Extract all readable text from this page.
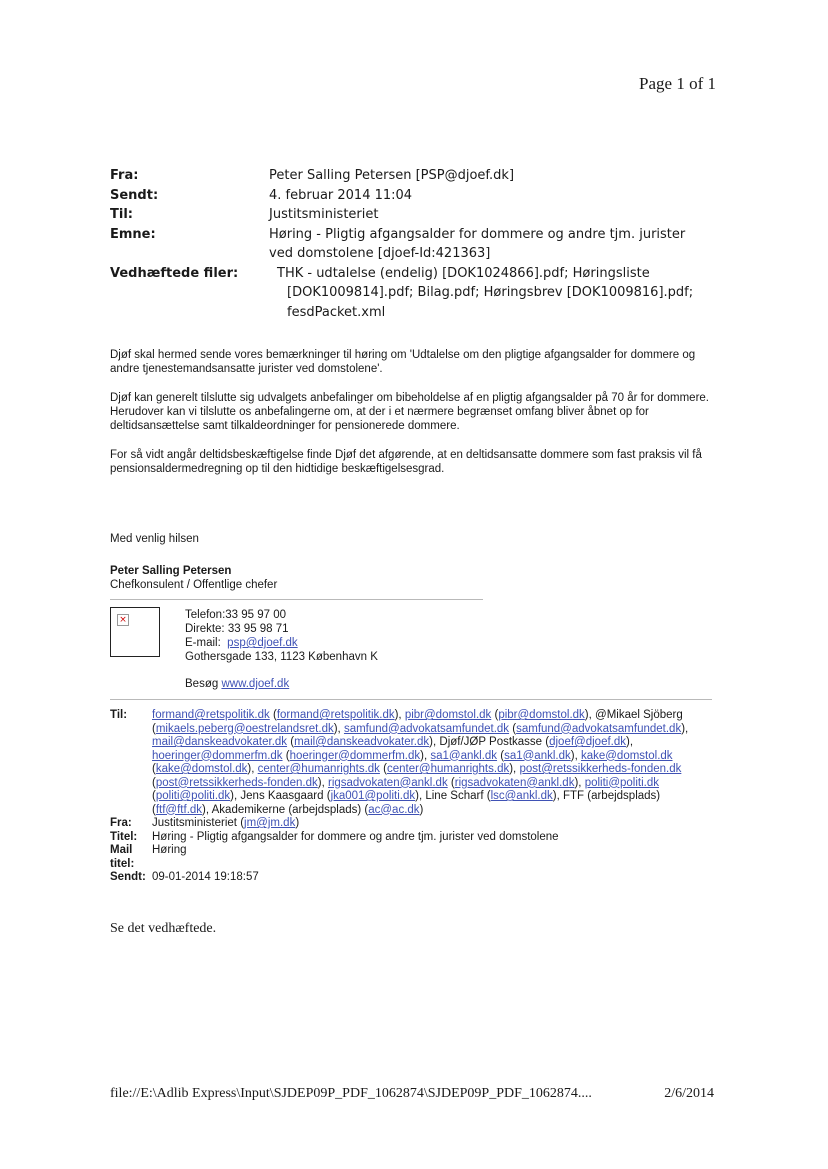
Page 1 of 1
Fra:	Peter Salling Petersen [PSP@djoef.dk]
Sendt:	4. februar 2014 11:04
Til:	Justitsministeriet
Emne:	Høring - Pligtig afgangsalder for dommere og andre tjm. jurister ved domstolene [djoef-Id:421363]
Vedhæftede filer:	THK - udtalelse (endelig) [DOK1024866].pdf; Høringsliste [DOK1009814].pdf; Bilag.pdf; Høringsbrev [DOK1009816].pdf; fesdPacket.xml

Djøf skal hermed sende vores bemærkninger til høring om 'Udtalelse om den pligtige afgangsalder for dommere og andre tjenestemandsansatte jurister ved domstolene'.

Djøf kan generelt tilslutte sig udvalgets anbefalinger om bibeholdelse af en pligtig afgangsalder på 70 år for dommere. Herudover kan vi tilslutte os anbefalingerne om, at der i et nærmere begrænset omfang bliver åbnet op for deltidsansættelse samt tilkaldeordninger for pensionerede dommere.

For så vidt angår deltidsbeskæftigelse finde Djøf det afgørende, at en deltidsansatte dommere som fast praksis vil få pensionsaldermedregning op til den hidtidige beskæftigelsesgrad.

Med venlig hilsen
Peter Salling Petersen
Chefkonsulent / Offentlige chefer
×	Telefon:33 95 97 00
Direkte: 33 95 98 71
E-mail: psp@djoef.dk
Gothersgade 133, 1123 København K
Besøg www.djoef.dk
Til:	formand@retspolitik.dk (formand@retspolitik.dk), pibr@domstol.dk (pibr@domstol.dk), @Mikael Sjöberg (mikaels.peberg@oestrelandsret.dk), samfund@advokatsamfundet.dk (samfund@advokatsamfundet.dk), mail@danskeadvokater.dk (mail@danskeadvokater.dk), Djøf/JØP Postkasse (djoef@djoef.dk), hoeringer@dommerfm.dk (hoeringer@dommerfm.dk), sa1@ankl.dk (sa1@ankl.dk), kake@domstol.dk (kake@domstol.dk), center@humanrights.dk (center@humanrights.dk), post@retssikkerheds-fonden.dk (post@retssikkerheds-fonden.dk), rigsadvokaten@ankl.dk (rigsadvokaten@ankl.dk), politi@politi.dk (politi@politi.dk), Jens Kaasgaard (jka001@politi.dk), Line Scharf (lsc@ankl.dk), FTF (arbejdsplads) (ftf@ftf.dk), Akademikerne (arbejdsplads) (ac@ac.dk)
Fra:	Justitsministeriet (jm@jm.dk)
Titel:	Høring - Pligtig afgangsalder for dommere og andre tjm. jurister ved domstolene
Mail titel:
Høring
Sendt: 09-01-2014 19:18:57
Se det vedhæftede.
file://E:\Adlib Express\Input\SJDEP09P_PDF_1062874\SJDEP09P_PDF_1062874....	2/6/2014
